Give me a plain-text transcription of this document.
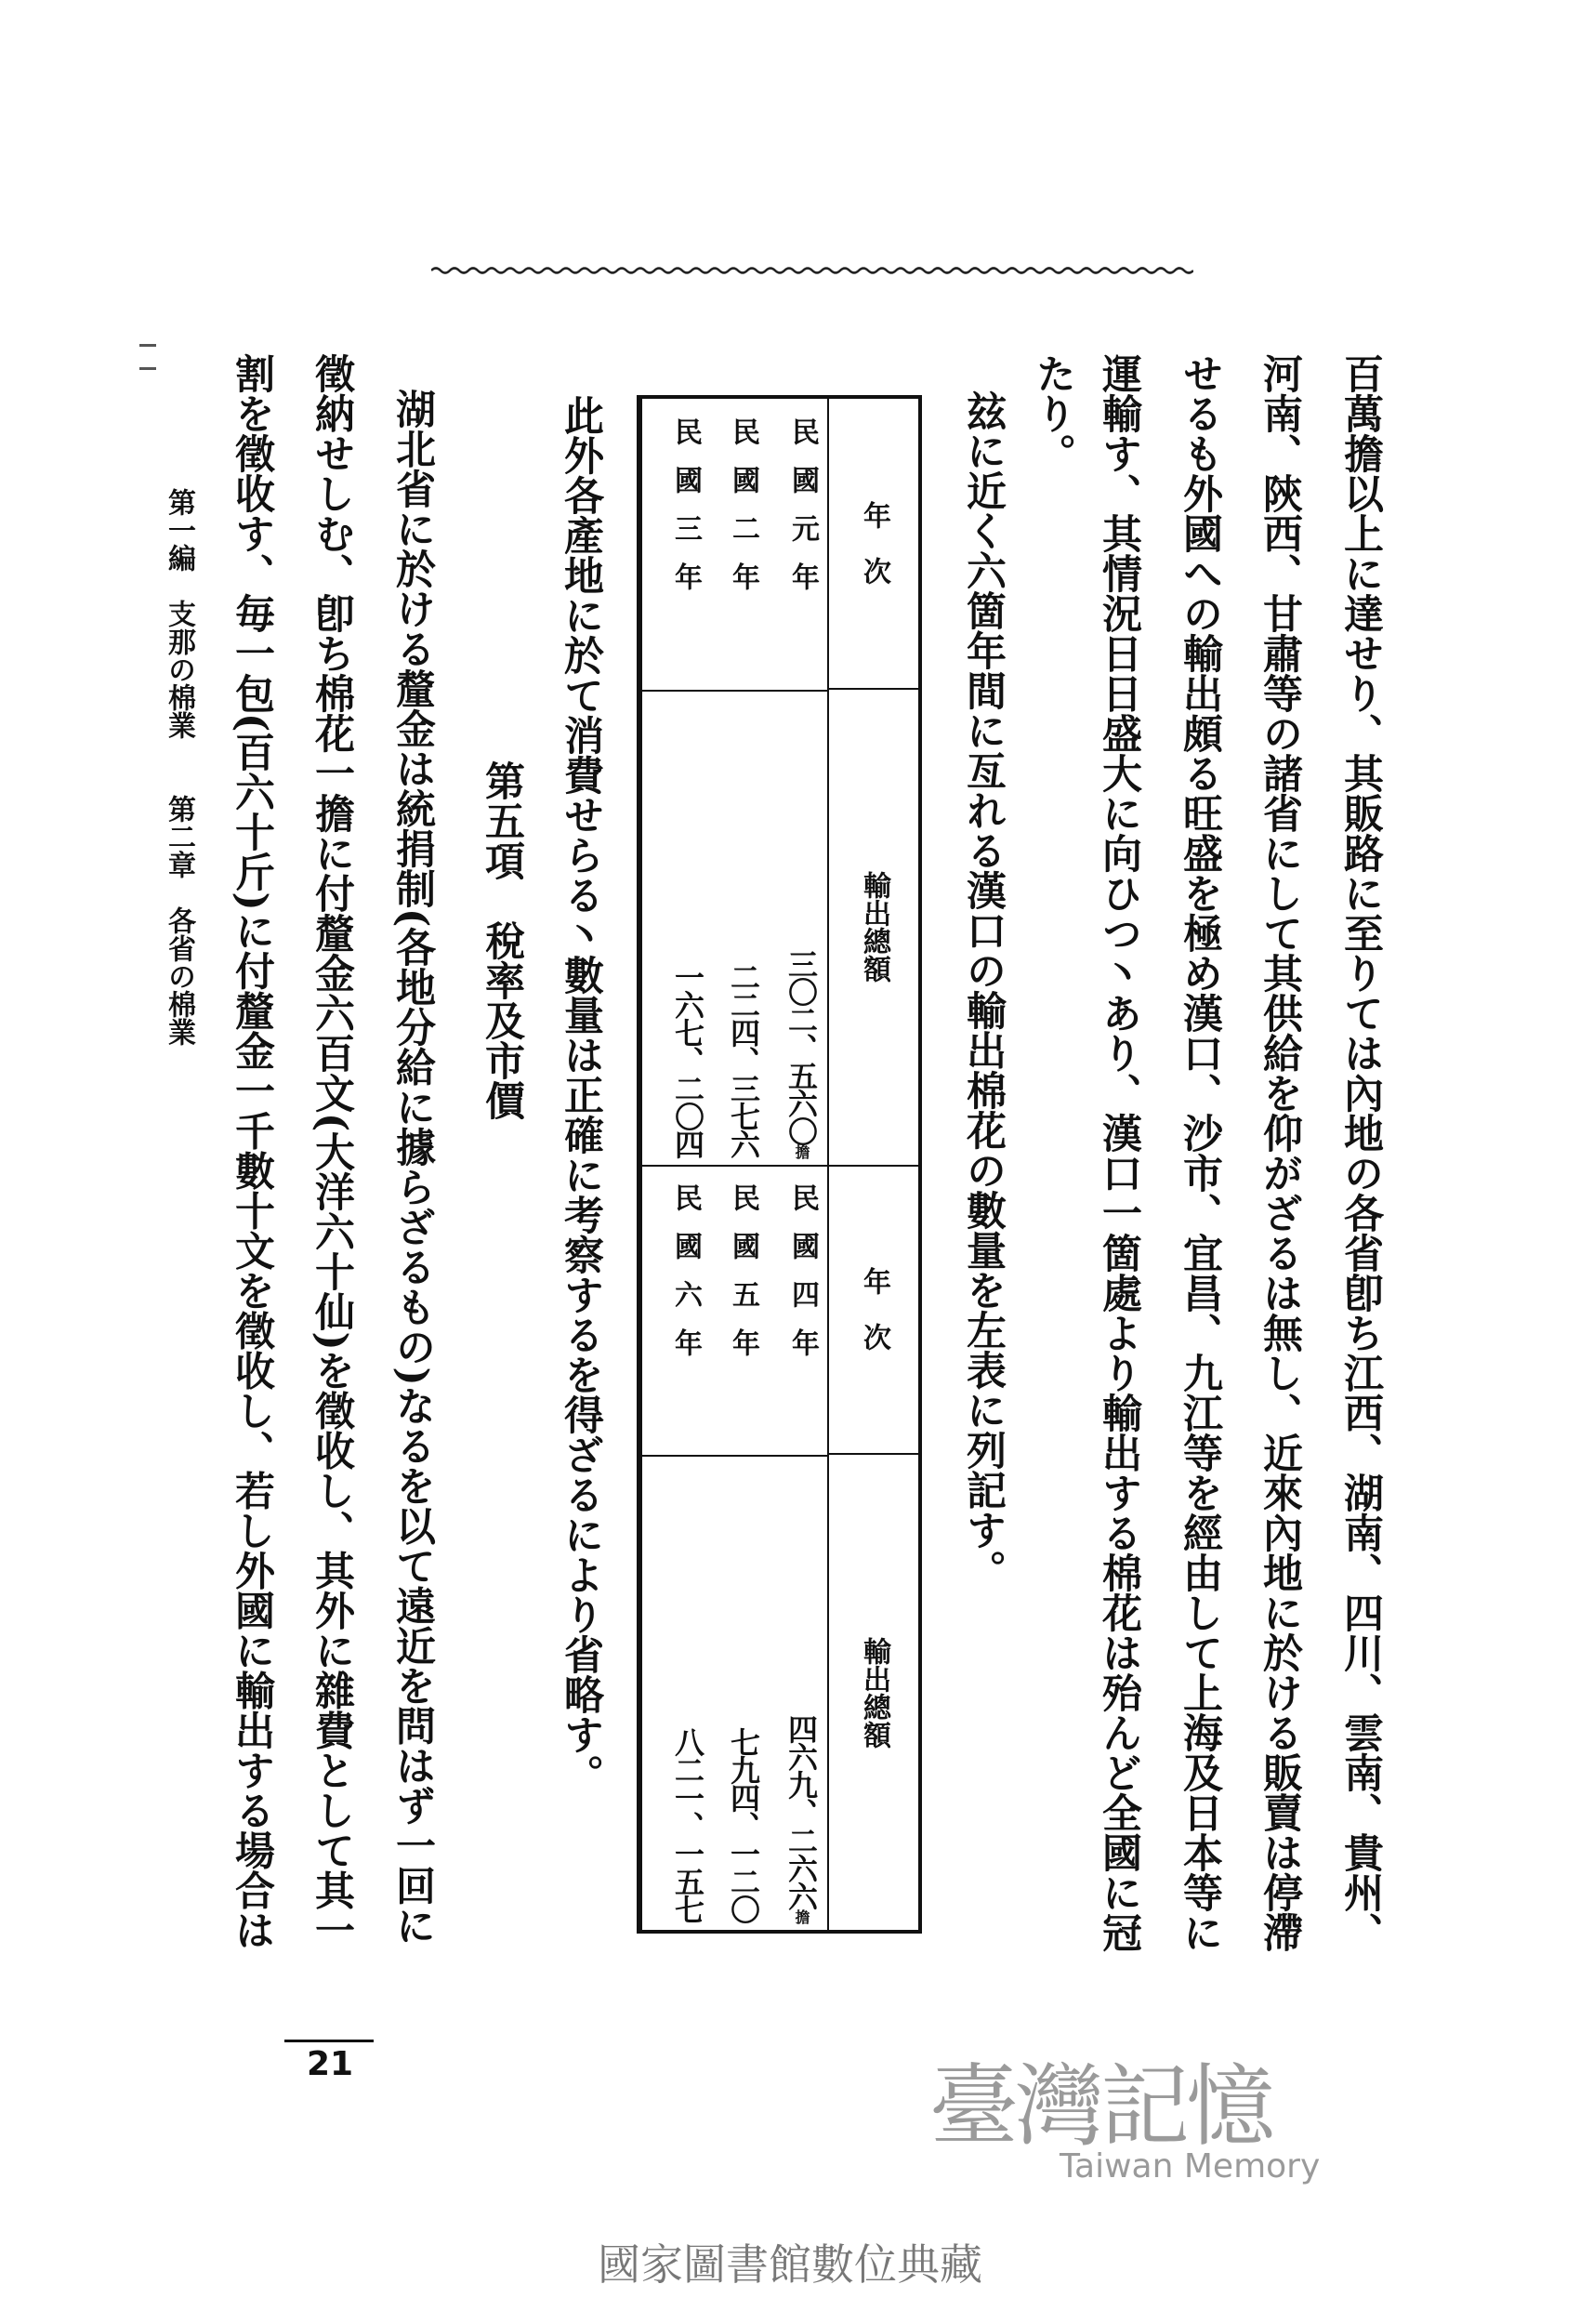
百萬擔以上に達せり、其販路に至りては內地の各省卽ち江西、湖南、四川、雲南、貴州、
河南、陝西、甘肅等の諸省にして其供給を仰がざるは無し、近來內地に於ける販賣は停滯
せるも外國への輸出頗る旺盛を極め漢口、沙市、宜昌、九江等を經由して上海及日本等に
運輸す、其情況日日盛大に向ひつ丶あり、漢口一箇處より輸出する棉花は殆んど全國に冠
たり。
玆に近く六箇年間に亙れる漢口の輸出棉花の數量を左表に列記す。
年　次
輸出總額
民國元年
民國二年
民國三年
三〇二、五六〇擔
二二四、三七六
一六七、二〇四
年　次
輸出總額
民國四年
民國五年
民國六年
四六九、二六六擔
七九四、一二〇
八二一、一五七
此外各產地に於て消費せらる丶數量は正確に考察するを得ざるにより省略す。
第五項　稅率及市價
湖北省に於ける釐金は統捐制(各地分給に據らざるもの)なるを以て遠近を問はず一回に
徵納せしむ、卽ち棉花一擔に付釐金六百文(大洋六十仙)を徵收し、其外に雜費として其一
割を徵收す、毎一包(百六十斤)に付釐金一千數十文を徵收し、若し外國に輸出する場合は
第一編　支那の棉業　　第二章　各省の棉業
21	臺灣記憶
Taiwan Memory
國家圖書館數位典藏
